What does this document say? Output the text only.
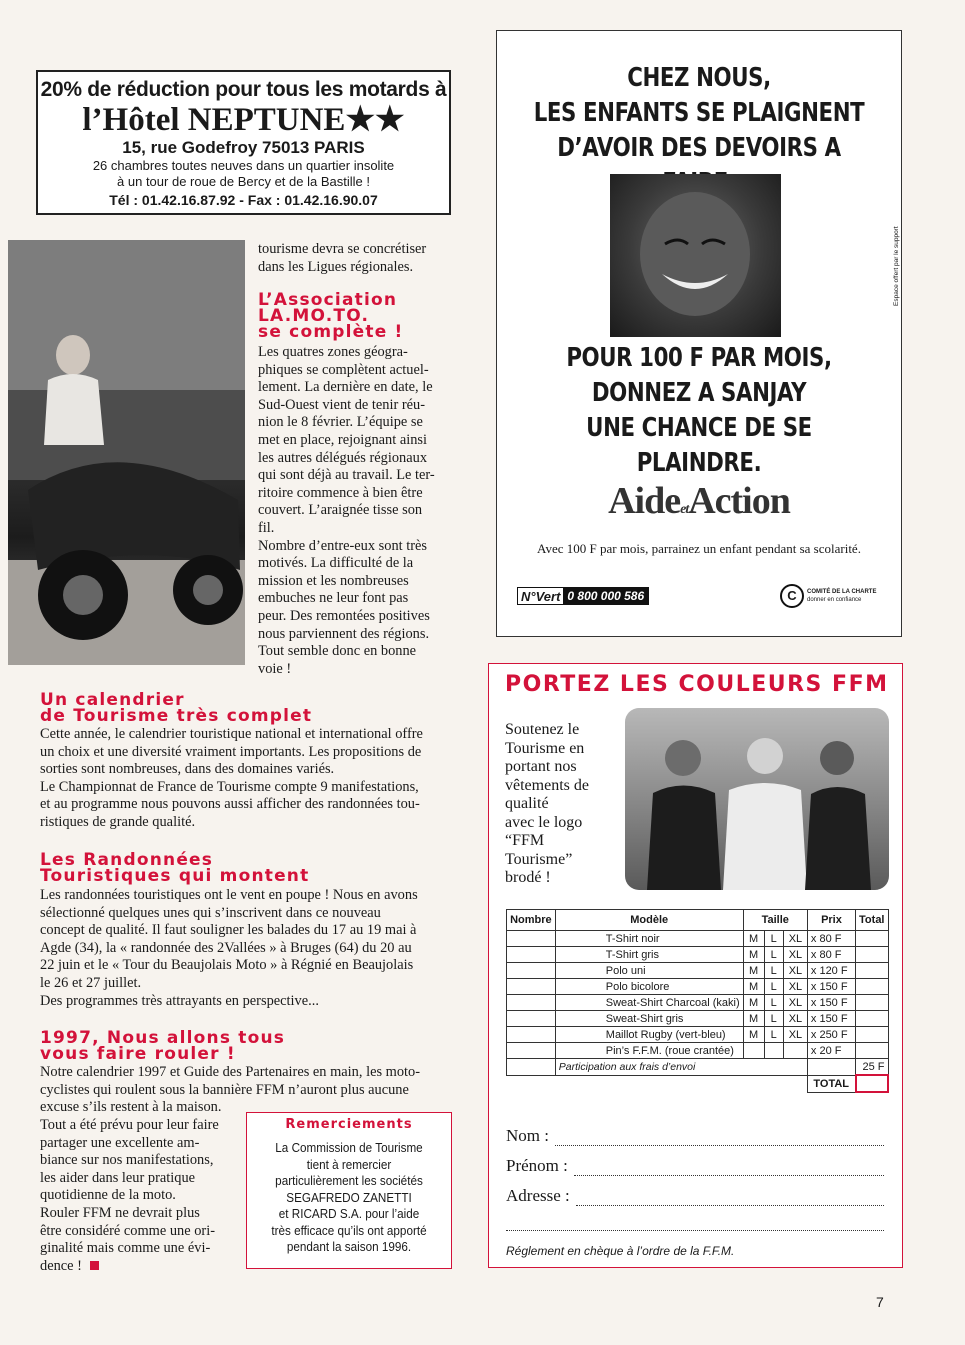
20% de réduction pour tous les motards à
l’Hôtel NEPTUNE★★
15, rue Godefroy 75013 PARIS
26 chambres toutes neuves dans un quartier insolite
à un tour de roue de Bercy et de la Bastille !
Tél : 01.42.16.87.92 - Fax : 01.42.16.90.07
tourisme devra se concrétiser
dans les Ligues régionales.
L’Association
LA.MO.TO.
se complète !
Les quatres zones géogra-
phiques se complètent actuel-
lement. La dernière en date, le
Sud-Ouest vient de tenir réu-
nion le 8 février. L’équipe se
met en place, rejoignant ainsi
les autres délégués régionaux
qui sont déjà au travail. Le ter-
ritoire commence à bien être
couvert. L’araignée tisse son
fil.
Nombre d’entre-eux sont très
motivés. La difficulté de la
mission et les nombreuses
embuches ne leur font pas
peur. Des remontées positives
nous parviennent des régions.
Tout semble donc en bonne
voie !
Un calendrier
de Tourisme très complet
Cette année, le calendrier touristique national et international offre
un choix et une diversité vraiment importants. Les propositions de
sorties sont nombreuses, dans des domaines variés.
Le Championnat de France de Tourisme compte 9 manifestations,
et au programme nous pouvons aussi afficher des randonnées tou-
ristiques de grande qualité.
Les Randonnées
Touristiques qui montent
Les randonnées touristiques ont le vent en poupe ! Nous en avons
sélectionné quelques unes qui s’inscrivent dans ce nouveau
concept de qualité. Il faut souligner les balades du 17 au 19 mai à
Agde (34), la « randonnée des 2Vallées » à Bruges (64) du 20 au
22 juin et le « Tour du Beaujolais Moto » à Régnié en Beaujolais
le 26 et 27 juillet.
Des programmes très attrayants en perspective...
1997, Nous allons tous
vous faire rouler !
Notre calendrier 1997 et Guide des Partenaires en main, les moto-
cyclistes qui roulent sous la bannière FFM n’auront plus aucune
excuse s’ils restent à la maison.
Tout a été prévu pour leur faire
partager une excellente am-
biance sur nos manifestations,
les aider dans leur pratique
quotidienne de la moto.
Rouler FFM ne devrait plus
être considéré comme une ori-
ginalité mais comme une évi-
dence !
Remerciements
La Commission de Tourisme
tient à remercier
particulièrement les sociétés
SEGAFREDO ZANETTI
et RICARD S.A. pour l’aide
très efficace qu’ils ont apporté
pendant la saison 1996.
CHEZ NOUS,
LES ENFANTS SE PLAIGNENT
D’AVOIR DES DEVOIRS A
POUR 100 F PAR MOIS,
DONNEZ A SANJAY
UNE CHANCE DE SE PLAINDRE.
AideetAction
Avec 100 F par mois, parrainez un enfant pendant sa scolarité.
N°Vert 0 800 000 586	C	COMITÉ DE LA CHARTE
donner en confiance
Espace offert par le support
PORTEZ LES COULEURS FFM
Soutenez le
Tourisme en
portant nos
vêtements de
qualité
avec le logo
“FFM
Tourisme”
brodé !
Nombre	Modèle	Taille			Prix	Total
	T-Shirt noir	M	L	XL	x 80 F	
	T-Shirt gris	M	L	XL	x 80 F	
	Polo uni	M	L	XL	x 120 F	
	Polo bicolore	M	L	XL	x 150 F	
	Sweat-Shirt Charcoal (kaki)	M	L	XL	x 150 F	
	Sweat-Shirt gris	M	L	XL	x 150 F	
	Maillot Rugby (vert-bleu)	M	L	XL	x 250 F	
	Pin’s F.F.M. (roue crantée)				x 20 F	
	Participation aux frais d’envoi					25 F
					TOTAL	
Nom :
Prénom :
Adresse :
Réglement en chèque à l’ordre de la F.F.M.
7
